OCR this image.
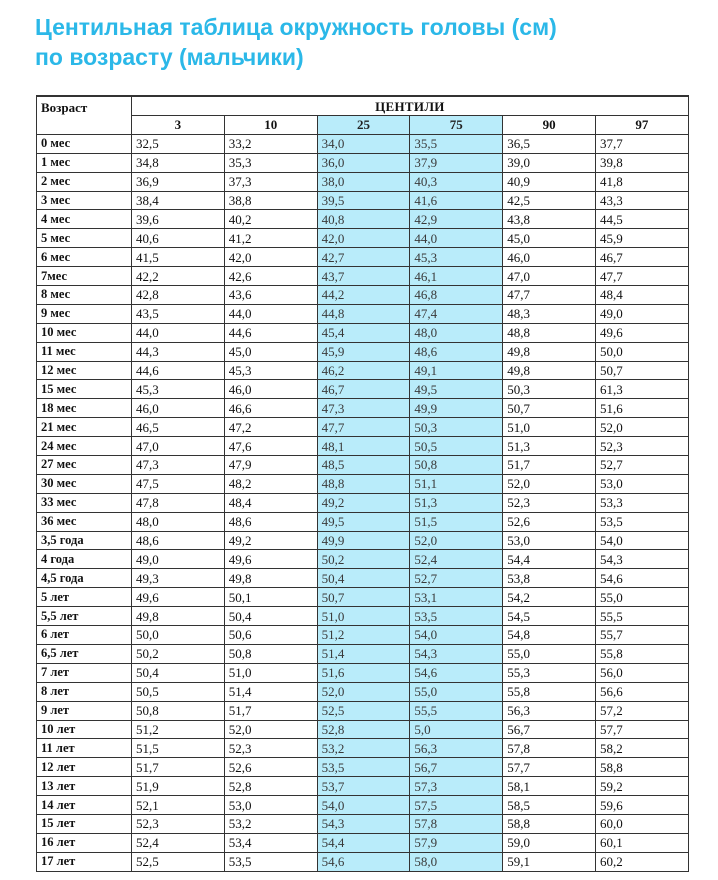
Центильная таблица окружность головы (см)
по возрасту (мальчики)
Возраст	ЦЕНТИЛИ					
	3	10	25	75	90	97
0 мес	32,5	33,2	34,0	35,5	36,5	37,7
1 мес	34,8	35,3	36,0	37,9	39,0	39,8
2 мес	36,9	37,3	38,0	40,3	40,9	41,8
3 мес	38,4	38,8	39,5	41,6	42,5	43,3
4 мес	39,6	40,2	40,8	42,9	43,8	44,5
5 мес	40,6	41,2	42,0	44,0	45,0	45,9
6 мес	41,5	42,0	42,7	45,3	46,0	46,7
7мес	42,2	42,6	43,7	46,1	47,0	47,7
8 мес	42,8	43,6	44,2	46,8	47,7	48,4
9 мес	43,5	44,0	44,8	47,4	48,3	49,0
10 мес	44,0	44,6	45,4	48,0	48,8	49,6
11 мес	44,3	45,0	45,9	48,6	49,8	50,0
12 мес	44,6	45,3	46,2	49,1	49,8	50,7
15 мес	45,3	46,0	46,7	49,5	50,3	61,3
18 мес	46,0	46,6	47,3	49,9	50,7	51,6
21 мес	46,5	47,2	47,7	50,3	51,0	52,0
24 мес	47,0	47,6	48,1	50,5	51,3	52,3
27 мес	47,3	47,9	48,5	50,8	51,7	52,7
30 мес	47,5	48,2	48,8	51,1	52,0	53,0
33 мес	47,8	48,4	49,2	51,3	52,3	53,3
36 мес	48,0	48,6	49,5	51,5	52,6	53,5
3,5 года	48,6	49,2	49,9	52,0	53,0	54,0
4 года	49,0	49,6	50,2	52,4	54,4	54,3
4,5 года	49,3	49,8	50,4	52,7	53,8	54,6
5 лет	49,6	50,1	50,7	53,1	54,2	55,0
5,5 лет	49,8	50,4	51,0	53,5	54,5	55,5
6 лет	50,0	50,6	51,2	54,0	54,8	55,7
6,5 лет	50,2	50,8	51,4	54,3	55,0	55,8
7 лет	50,4	51,0	51,6	54,6	55,3	56,0
8 лет	50,5	51,4	52,0	55,0	55,8	56,6
9 лет	50,8	51,7	52,5	55,5	56,3	57,2
10 лет	51,2	52,0	52,8	5,0	56,7	57,7
11 лет	51,5	52,3	53,2	56,3	57,8	58,2
12 лет	51,7	52,6	53,5	56,7	57,7	58,8
13 лет	51,9	52,8	53,7	57,3	58,1	59,2
14 лет	52,1	53,0	54,0	57,5	58,5	59,6
15 лет	52,3	53,2	54,3	57,8	58,8	60,0
16 лет	52,4	53,4	54,4	57,9	59,0	60,1
17 лет	52,5	53,5	54,6	58,0	59,1	60,2
